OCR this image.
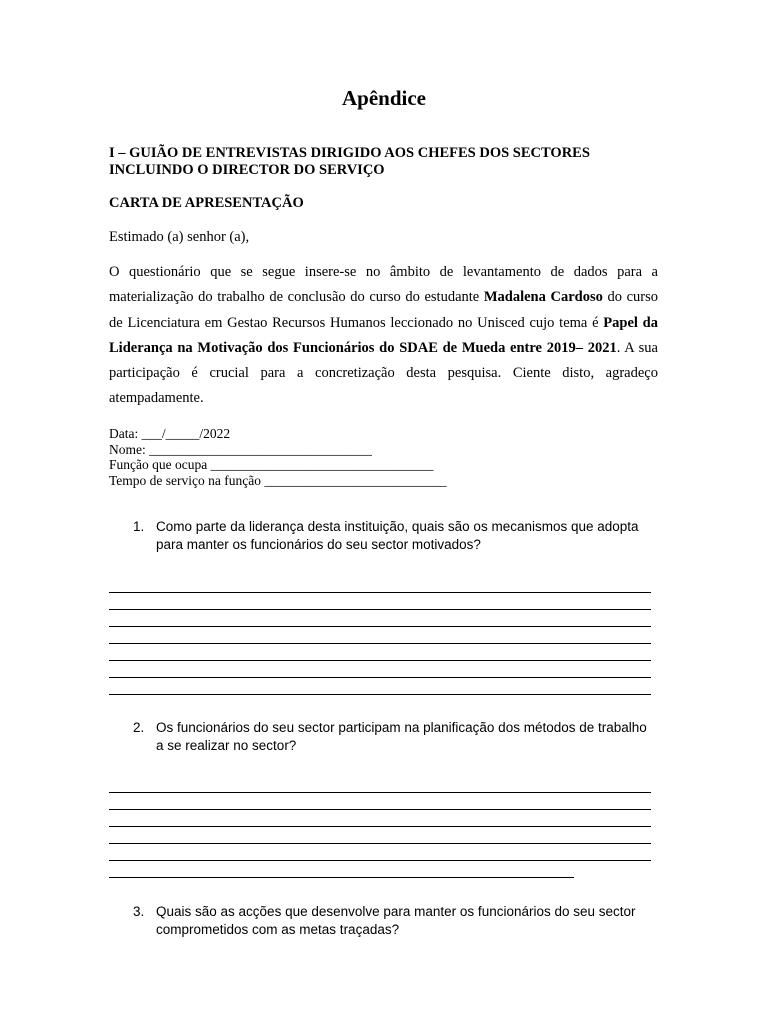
Apêndice
I – GUIÃO DE ENTREVISTAS DIRIGIDO AOS CHEFES DOS SECTORES INCLUINDO O DIRECTOR DO SERVIÇO
CARTA DE APRESENTAÇÃO
Estimado (a) senhor (a),
O questionário que se segue insere-se no âmbito de levantamento de dados para a materialização do trabalho de conclusão do curso do estudante Madalena Cardoso do curso de Licenciatura em Gestao Recursos Humanos leccionado no Unisced cujo tema é Papel da Liderança na Motivação dos Funcionários do SDAE de Mueda entre 2019– 2021. A sua participação é crucial para a concretização desta pesquisa. Ciente disto, agradeço atempadamente.
Data: ___/_____/2022
Nome: _________________________________
Função que ocupa _________________________________
Tempo de serviço na função ___________________________
1. Como parte da liderança desta instituição, quais são os mecanismos que adopta para manter os funcionários do seu sector motivados?
2. Os funcionários do seu sector participam na planificação dos métodos de trabalho a se realizar no sector?
3. Quais são as acções que desenvolve para manter os funcionários do seu sector comprometidos com as metas traçadas?
